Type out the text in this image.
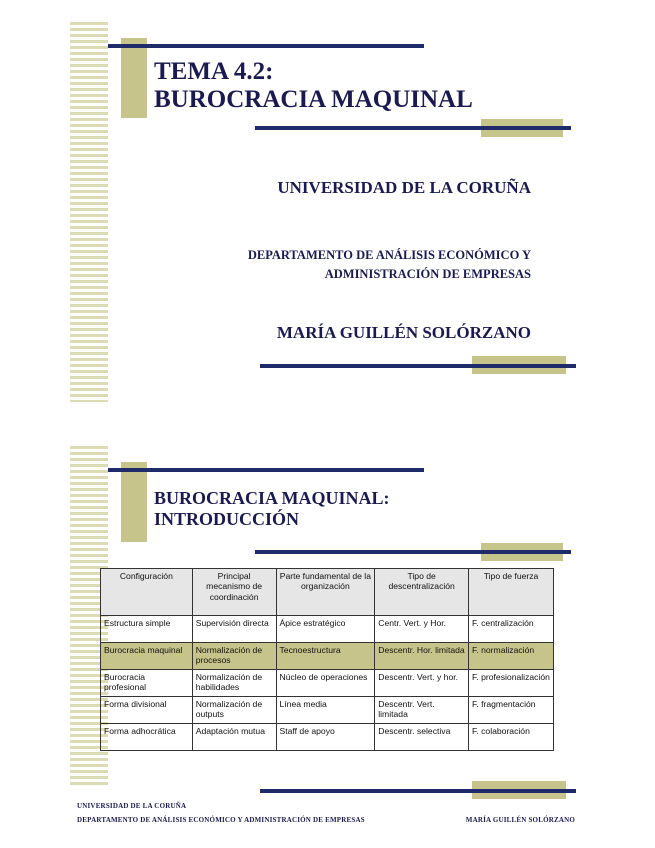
TEMA 4.2:
BUROCRACIA MAQUINAL
UNIVERSIDAD DE LA CORUÑA
DEPARTAMENTO DE ANÁLISIS ECONÓMICO Y
ADMINISTRACIÓN DE EMPRESAS
MARÍA GUILLÉN SOLÓRZANO
BUROCRACIA MAQUINAL:
INTRODUCCIÓN
Configuración	Principal mecanismo de coordinación	Parte fundamental de la organización	Tipo de descentralización	Tipo de fuerza
Estructura simple	Supervisión directa	Ápice estratégico	Centr. Vert. y Hor.	F. centralización
Burocracia maquinal	Normalización de procesos	Tecnoestructura	Descentr. Hor. limitada	F. normalización
Burocracia profesional	Normalización de habilidades	Núcleo de operaciones	Descentr. Vert. y hor.	F. profesionalización
Forma divisional	Normalización de outputs	Línea media	Descentr. Vert. limitada	F. fragmentación
Forma adhocrática	Adaptación mutua	Staff de apoyo	Descentr. selectiva	F. colaboración
UNIVERSIDAD DE LA CORUÑA
DEPARTAMENTO DE ANÁLISIS ECONÓMICO Y ADMINISTRACIÓN DE EMPRESAS	MARÍA GUILLÉN SOLÓRZANO
